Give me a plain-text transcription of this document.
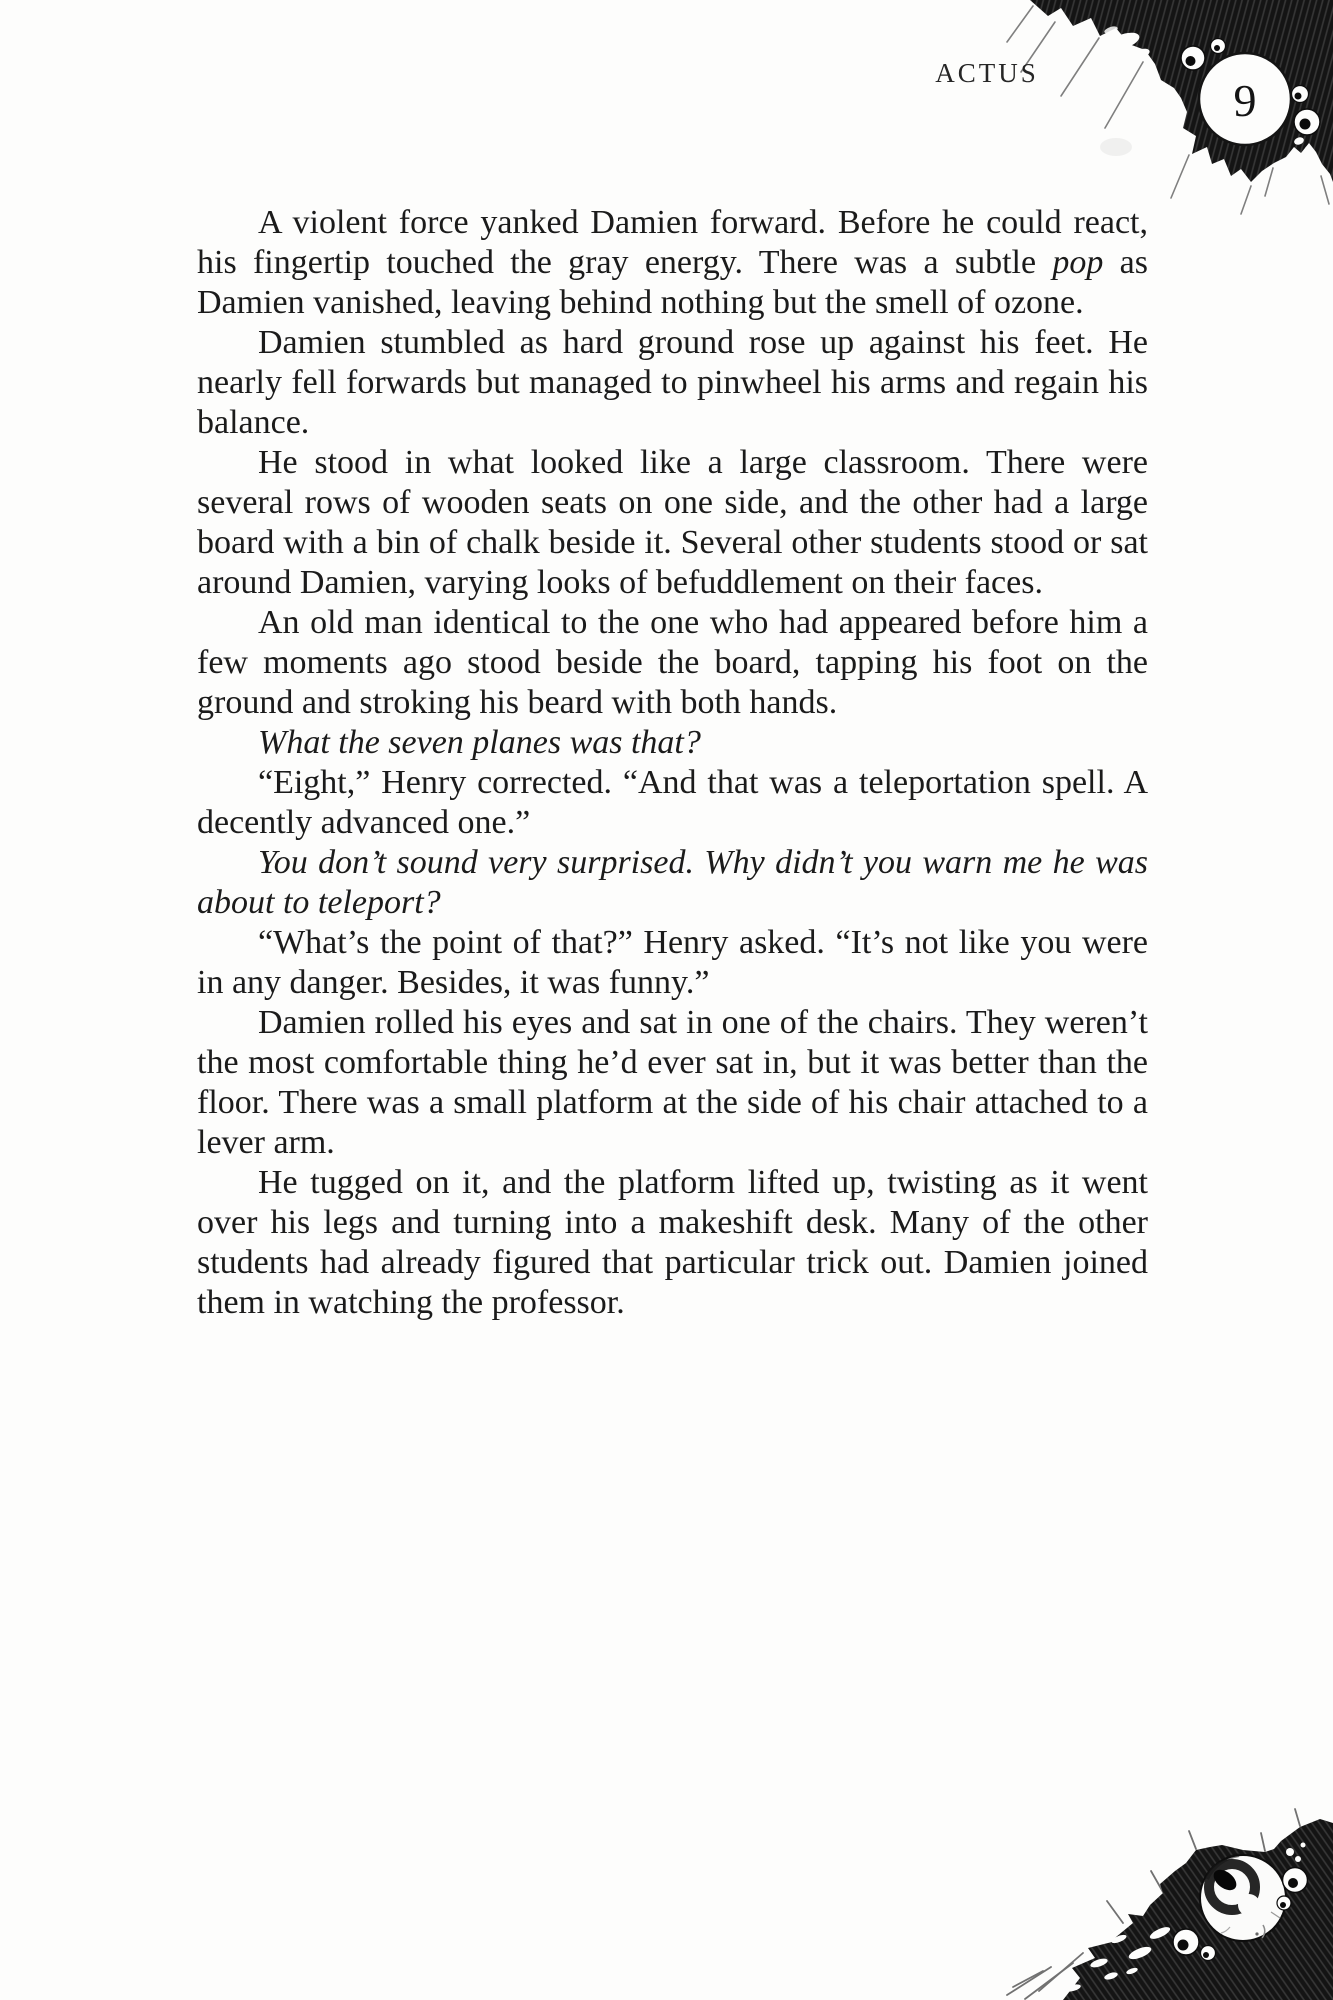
ACTUS
9

A violent force yanked Damien forward. Before he could react, his fingertip touched the gray energy. There was a subtle pop as Damien vanished, leaving behind nothing but the smell of ozone.

Damien stumbled as hard ground rose up against his feet. He nearly fell forwards but managed to pinwheel his arms and regain his balance.

He stood in what looked like a large classroom. There were several rows of wooden seats on one side, and the other had a large board with a bin of chalk beside it. Several other students stood or sat around Damien, varying looks of befuddlement on their faces.

An old man identical to the one who had appeared before him a few moments ago stood beside the board, tapping his foot on the ground and stroking his beard with both hands.

What the seven planes was that?

“Eight,” Henry corrected. “And that was a teleportation spell. A decently advanced one.”

You don’t sound very surprised. Why didn’t you warn me he was about to teleport?

“What’s the point of that?” Henry asked. “It’s not like you were in any danger. Besides, it was funny.”

Damien rolled his eyes and sat in one of the chairs. They weren’t the most comfortable thing he’d ever sat in, but it was better than the floor. There was a small platform at the side of his chair attached to a lever arm.

He tugged on it, and the platform lifted up, twisting as it went over his legs and turning into a makeshift desk. Many of the other students had already figured that particular trick out. Damien joined them in watching the professor.
